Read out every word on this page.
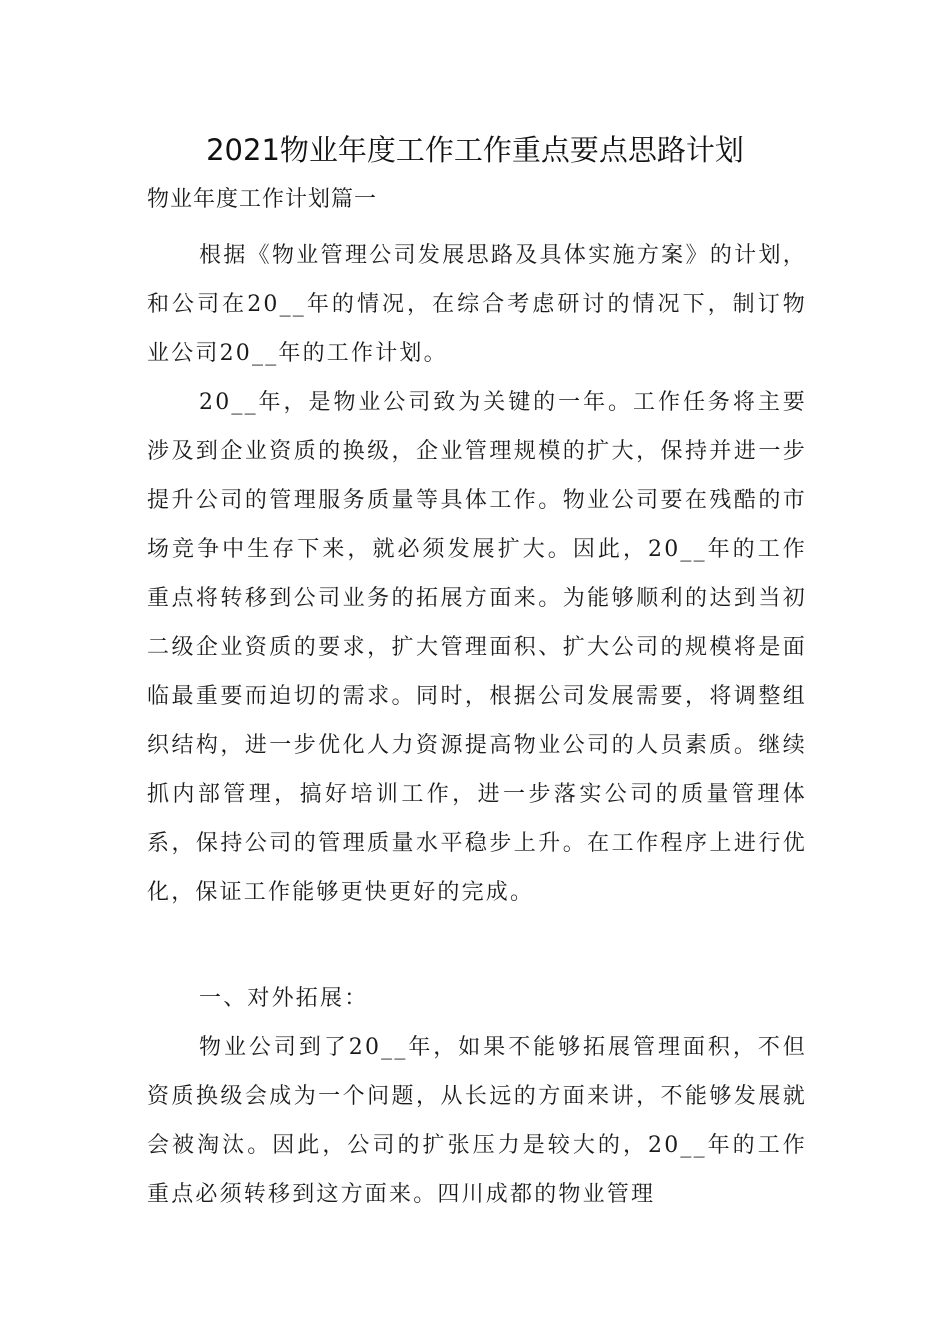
2021物业年度工作工作重点要点思路计划

物业年度工作计划篇一

根据《物业管理公司发展思路及具体实施方案》的计划，和公司在20__年的情况，在综合考虑研讨的情况下，制订物业公司20__年的工作计划。

20__年，是物业公司致为关键的一年。工作任务将主要涉及到企业资质的换级，企业管理规模的扩大，保持并进一步提升公司的管理服务质量等具体工作。物业公司要在残酷的市场竞争中生存下来，就必须发展扩大。因此，20__年的工作重点将转移到公司业务的拓展方面来。为能够顺利的达到当初二级企业资质的要求，扩大管理面积、扩大公司的规模将是面临最重要而迫切的需求。同时，根据公司发展需要，将调整组织结构，进一步优化人力资源提高物业公司的人员素质。继续抓内部管理，搞好培训工作，进一步落实公司的质量管理体系，保持公司的管理质量水平稳步上升。在工作程序上进行优化，保证工作能够更快更好的完成。

一、对外拓展：

物业公司到了20__年，如果不能够拓展管理面积，不但资质换级会成为一个问题，从长远的方面来讲，不能够发展就会被淘汰。因此，公司的扩张压力是较大的，20__年的工作重点必须转移到这方面来。四川成都的物业管理
